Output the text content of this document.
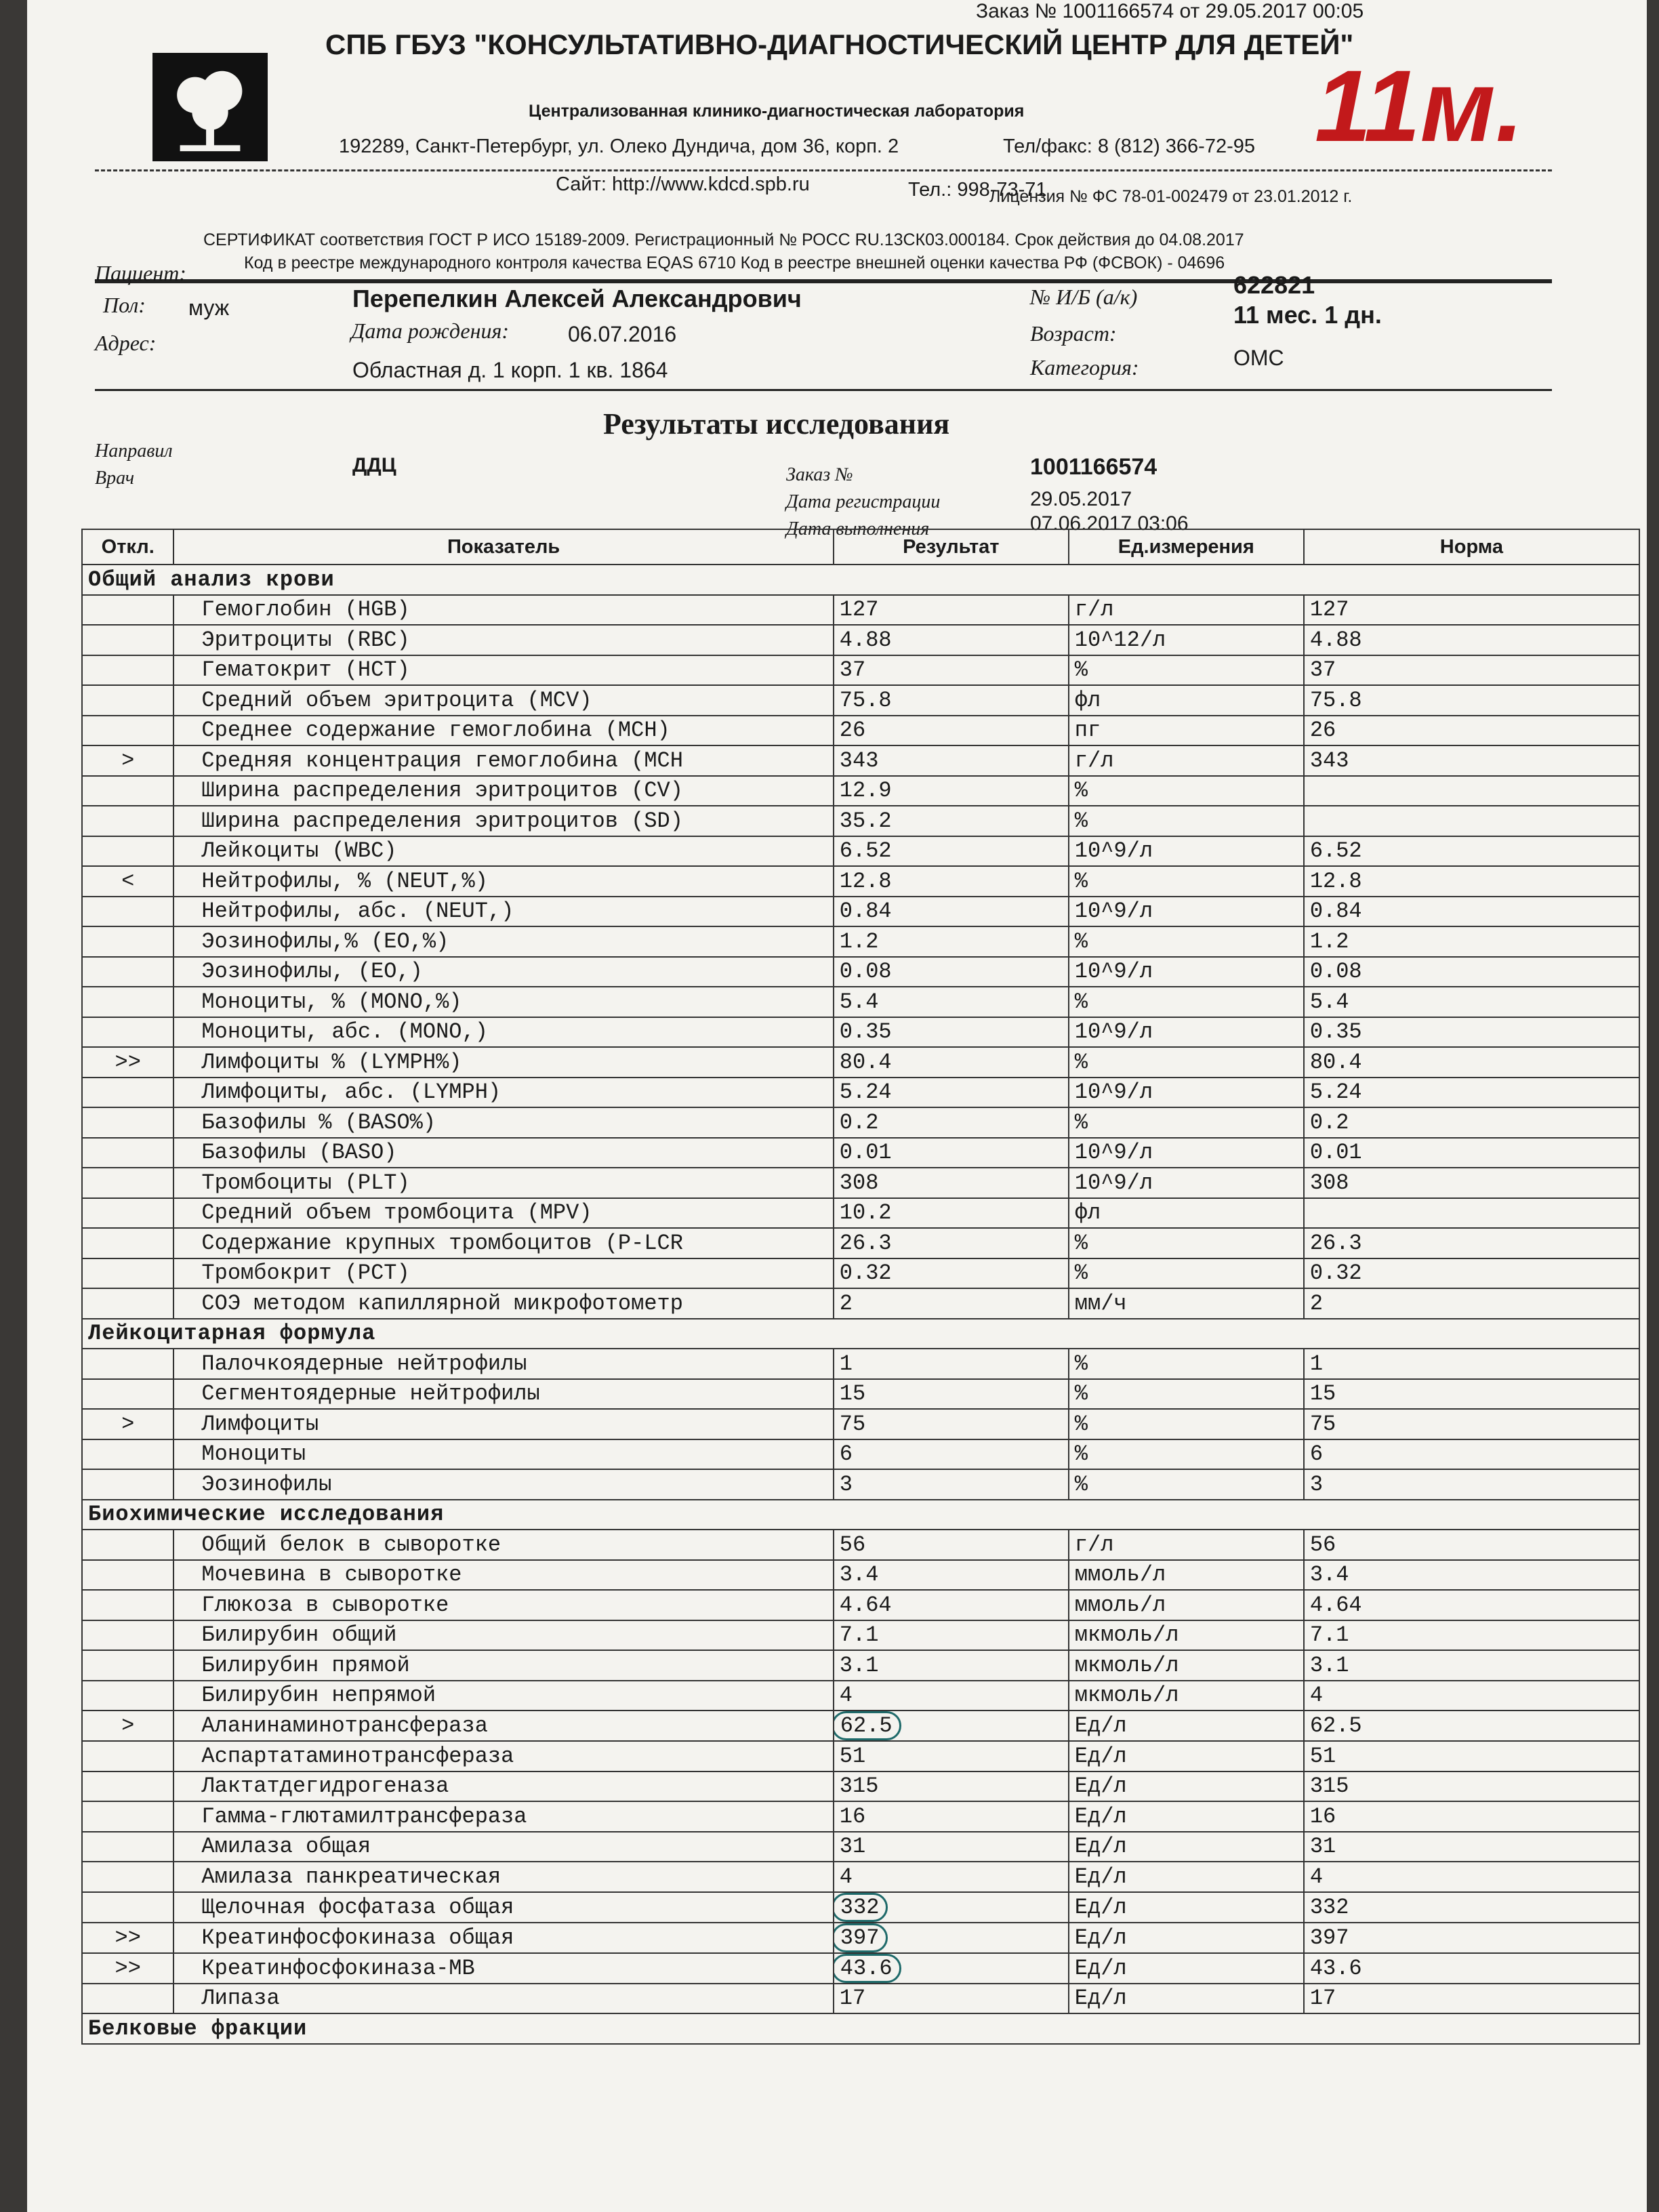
Заказ № 1001166574 от 29.05.2017 00:05
СПБ ГБУЗ "КОНСУЛЬТАТИВНО-ДИАГНОСТИЧЕСКИЙ ЦЕНТР ДЛЯ ДЕТЕЙ"
Централизованная клинико-диагностическая лаборатория
192289, Санкт-Петербург, ул. Олеко Дундича, дом 36, корп. 2	Тел/факс: 8 (812) 366-72-95
Сайт: http://www.kdcd.spb.ru	Тел.: 998-73-71
11м.
Лицензия № ФС 78-01-002479 от 23.01.2012 г.
СЕРТИФИКАТ соответствия ГОСТ Р ИСО 15189-2009. Регистрационный № РОСС RU.13СК03.000184. Срок действия до 04.08.2017
Код в реестре международного контроля качества EQAS 6710 Код в реестре внешней оценки качества РФ (ФСВОК) - 04696
Пациент:
Перепелкин Алексей Александрович
Пол: муж
Дата рождения:	06.07.2016
Адрес:
Областная д. 1 корп. 1 кв. 1864
№ И/Б (а/к)	622821
Возраст:
11 мес. 1 дн.
Категория:	ОМС
Результаты исследования
Направил
Врач
ДДЦ	Заказ №	1001166574
Дата регистрации	29.05.2017
Дата выполнения	07.06.2017 03:06
Откл.	Показатель	Результат	Ед.измерения	Норма
Общий анализ крови				
	Гемоглобин (HGB)	127	г/л	127
	Эритроциты (RBC)	4.88	10^12/л	4.88
	Гематокрит (HCT)	37	%	37
	Средний объем эритроцита (MCV)	75.8	фл	75.8
	Среднее содержание гемоглобина (MCH)	26	пг	26
>	Средняя концентрация гемоглобина (MCH	343	г/л	343
	Ширина распределения эритроцитов (CV)	12.9	%	
	Ширина распределения эритроцитов (SD)	35.2	%	
	Лейкоциты (WBC)	6.52	10^9/л	6.52
<	Нейтрофилы, % (NEUT,%)	12.8	%	12.8
	Нейтрофилы, абс. (NEUT,)	0.84	10^9/л	0.84
	Эозинофилы,% (EO,%)	1.2	%	1.2
	Эозинофилы, (EO,)	0.08	10^9/л	0.08
	Моноциты, % (MONO,%)	5.4	%	5.4
	Моноциты, абс. (MONO,)	0.35	10^9/л	0.35
>>	Лимфоциты % (LYMPH%)	80.4	%	80.4
	Лимфоциты, абс. (LYMPH)	5.24	10^9/л	5.24
	Базофилы % (BASO%)	0.2	%	0.2
	Базофилы (BASO)	0.01	10^9/л	0.01
	Тромбоциты (PLT)	308	10^9/л	308
	Средний объем тромбоцита (MPV)	10.2	фл	
	Содержание крупных тромбоцитов (P-LCR	26.3	%	26.3
	Тромбокрит (PCT)	0.32	%	0.32
	СОЭ методом капиллярной микрофотометр	2	мм/ч	2
Лейкоцитарная формула				
	Палочкоядерные нейтрофилы	1	%	1
	Сегментоядерные нейтрофилы	15	%	15
>	Лимфоциты	75	%	75
	Моноциты	6	%	6
	Эозинофилы	3	%	3
Биохимические исследования				
	Общий белок в сыворотке	56	г/л	56
	Мочевина в сыворотке	3.4	ммоль/л	3.4
	Глюкоза в сыворотке	4.64	ммоль/л	4.64
	Билирубин общий	7.1	мкмоль/л	7.1
	Билирубин прямой	3.1	мкмоль/л	3.1
	Билирубин непрямой	4	мкмоль/л	4
>	Аланинаминотрансфераза	62.5	Ед/л	62.5
	Аспартатаминотрансфераза	51	Ед/л	51
	Лактатдегидрогеназа	315	Ед/л	315
	Гамма-глютамилтрансфераза	16	Ед/л	16
	Амилаза общая	31	Ед/л	31
	Амилаза панкреатическая	4	Ед/л	4
	Щелочная фосфатаза общая	332	Ед/л	332
>>	Креатинфосфокиназа общая	397	Ед/л	397
>>	Креатинфосфокиназа-МВ	43.6	Ед/л	43.6
	Липаза	17	Ед/л	17
Белковые фракции				
